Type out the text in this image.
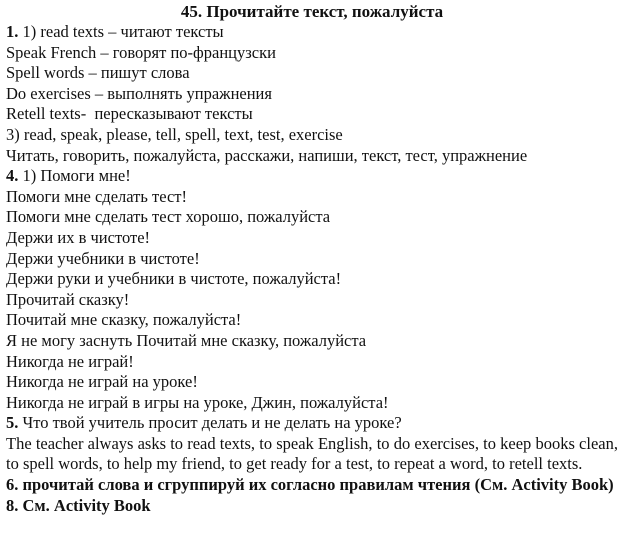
45. Прочитайте текст, пожалуйста

1. 1) read texts – читают тексты

Speak French – говорят по-французски

Spell words – пишут слова

Do exercises – выполнять упражнения

Retell texts-  пересказывают тексты

3) read, speak, please, tell, spell, text, test, exercise

Читать, говорить, пожалуйста, расскажи, напиши, текст, тест, упражнение

4. 1) Помоги мне!

Помоги мне сделать тест!

Помоги мне сделать тест хорошо, пожалуйста

Держи их в чистоте!

Держи учебники в чистоте!

Держи руки и учебники в чистоте, пожалуйста!

Прочитай сказку!

Почитай мне сказку, пожалуйста!

Я не могу заснуть Почитай мне сказку, пожалуйста

Никогда не играй!

Никогда не играй на уроке!

Никогда не играй в игры на уроке, Джин, пожалуйста!

5. Что твой учитель просит делать и не делать на уроке?

The teacher always asks to read texts, to speak English, to do exercises, to keep books clean, to spell words, to help my friend, to get ready for a test, to repeat a word, to retell texts.

6. прочитай слова и сгруппируй их согласно правилам чтения (См. Activity Book)

8. См. Activity Book
